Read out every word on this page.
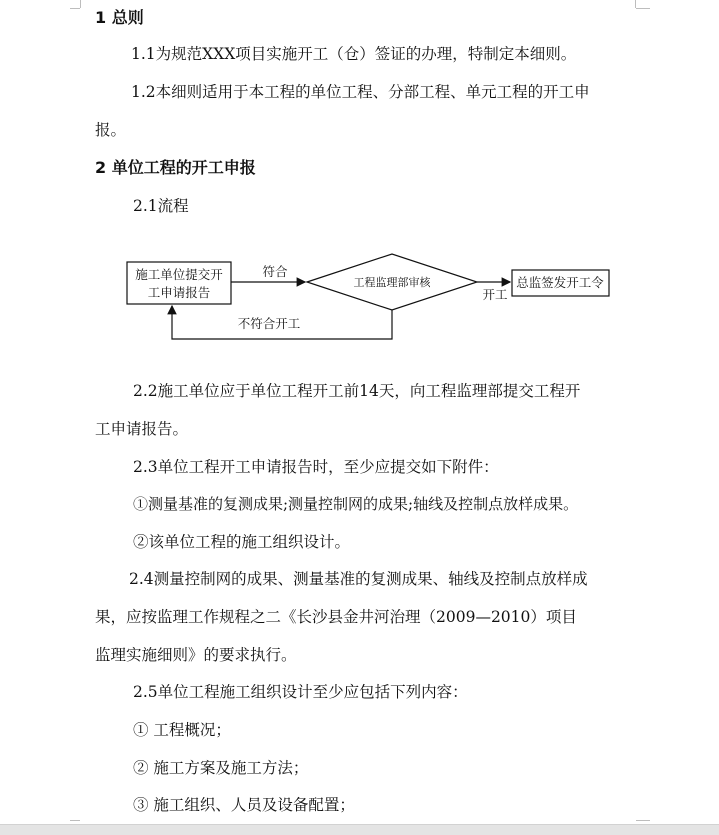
1 总则
1.1为规范XXX项目实施开工（仓）签证的办理，特制定本细则。
1.2本细则适用于本工程的单位工程、分部工程、单元工程的开工申
报。
2 单位工程的开工申报
2.1流程
施工单位提交开
工申请报告
符合
工程监理部审核
开工
总监签发开工令
不符合开工
2.2施工单位应于单位工程开工前14天，向工程监理部提交工程开
工申请报告。
2.3单位工程开工申请报告时，至少应提交如下附件：
①测量基准的复测成果;测量控制网的成果;轴线及控制点放样成果。
②该单位工程的施工组织设计。
2.4测量控制网的成果、测量基准的复测成果、轴线及控制点放样成
果，应按监理工作规程之二《长沙县金井河治理（2009—2010）项目
监理实施细则》的要求执行。
2.5单位工程施工组织设计至少应包括下列内容：
① 工程概况；
② 施工方案及施工方法；
③ 施工组织、人员及设备配置；
